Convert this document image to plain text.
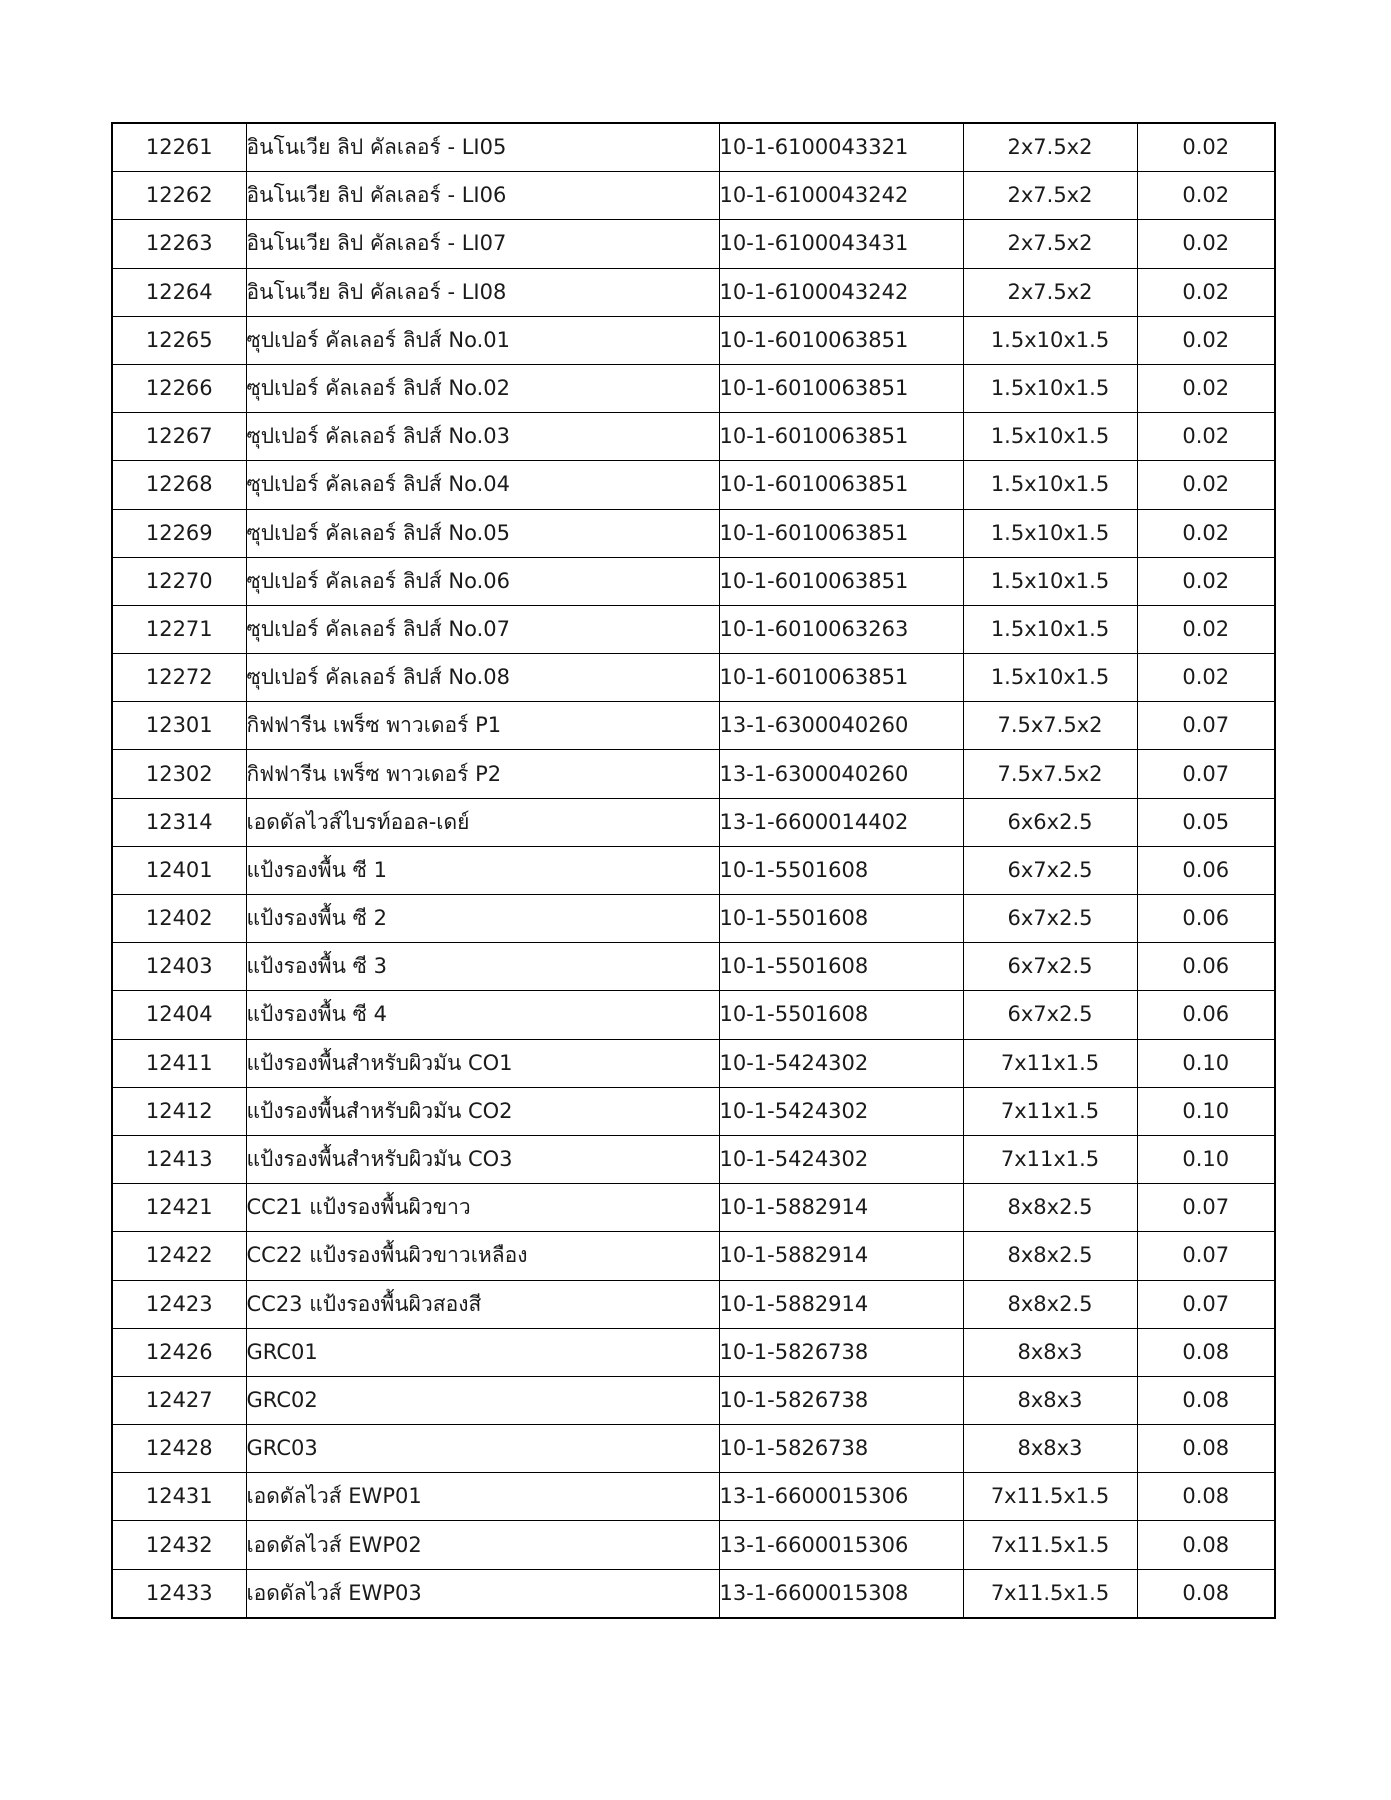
12261	อินโนเวีย ลิป คัลเลอร์ - LI05	10-1-6100043321	2x7.5x2	0.02
12262	อินโนเวีย ลิป คัลเลอร์ - LI06	10-1-6100043242	2x7.5x2	0.02
12263	อินโนเวีย ลิป คัลเลอร์ - LI07	10-1-6100043431	2x7.5x2	0.02
12264	อินโนเวีย ลิป คัลเลอร์ - LI08	10-1-6100043242	2x7.5x2	0.02
12265	ซุปเปอร์ คัลเลอร์ ลิปส์ No.01	10-1-6010063851	1.5x10x1.5	0.02
12266	ซุปเปอร์ คัลเลอร์ ลิปส์ No.02	10-1-6010063851	1.5x10x1.5	0.02
12267	ซุปเปอร์ คัลเลอร์ ลิปส์ No.03	10-1-6010063851	1.5x10x1.5	0.02
12268	ซุปเปอร์ คัลเลอร์ ลิปส์ No.04	10-1-6010063851	1.5x10x1.5	0.02
12269	ซุปเปอร์ คัลเลอร์ ลิปส์ No.05	10-1-6010063851	1.5x10x1.5	0.02
12270	ซุปเปอร์ คัลเลอร์ ลิปส์ No.06	10-1-6010063851	1.5x10x1.5	0.02
12271	ซุปเปอร์ คัลเลอร์ ลิปส์ No.07	10-1-6010063263	1.5x10x1.5	0.02
12272	ซุปเปอร์ คัลเลอร์ ลิปส์ No.08	10-1-6010063851	1.5x10x1.5	0.02
12301	กิฟฟารีน เพร็ซ พาวเดอร์ P1	13-1-6300040260	7.5x7.5x2	0.07
12302	กิฟฟารีน เพร็ซ พาวเดอร์ P2	13-1-6300040260	7.5x7.5x2	0.07
12314	เอดดัลไวส์ไบรท์ออล-เดย์	13-1-6600014402	6x6x2.5	0.05
12401	แป้งรองพื้น ซี 1	10-1-5501608	6x7x2.5	0.06
12402	แป้งรองพื้น ซี 2	10-1-5501608	6x7x2.5	0.06
12403	แป้งรองพื้น ซี 3	10-1-5501608	6x7x2.5	0.06
12404	แป้งรองพื้น ซี 4	10-1-5501608	6x7x2.5	0.06
12411	แป้งรองพื้นสำหรับผิวมัน CO1	10-1-5424302	7x11x1.5	0.10
12412	แป้งรองพื้นสำหรับผิวมัน CO2	10-1-5424302	7x11x1.5	0.10
12413	แป้งรองพื้นสำหรับผิวมัน CO3	10-1-5424302	7x11x1.5	0.10
12421	CC21 แป้งรองพื้นผิวขาว	10-1-5882914	8x8x2.5	0.07
12422	CC22 แป้งรองพื้นผิวขาวเหลือง	10-1-5882914	8x8x2.5	0.07
12423	CC23 แป้งรองพื้นผิวสองสี	10-1-5882914	8x8x2.5	0.07
12426	GRC01	10-1-5826738	8x8x3	0.08
12427	GRC02	10-1-5826738	8x8x3	0.08
12428	GRC03	10-1-5826738	8x8x3	0.08
12431	เอดดัลไวส์ EWP01	13-1-6600015306	7x11.5x1.5	0.08
12432	เอดดัลไวส์ EWP02	13-1-6600015306	7x11.5x1.5	0.08
12433	เอดดัลไวส์ EWP03	13-1-6600015308	7x11.5x1.5	0.08
